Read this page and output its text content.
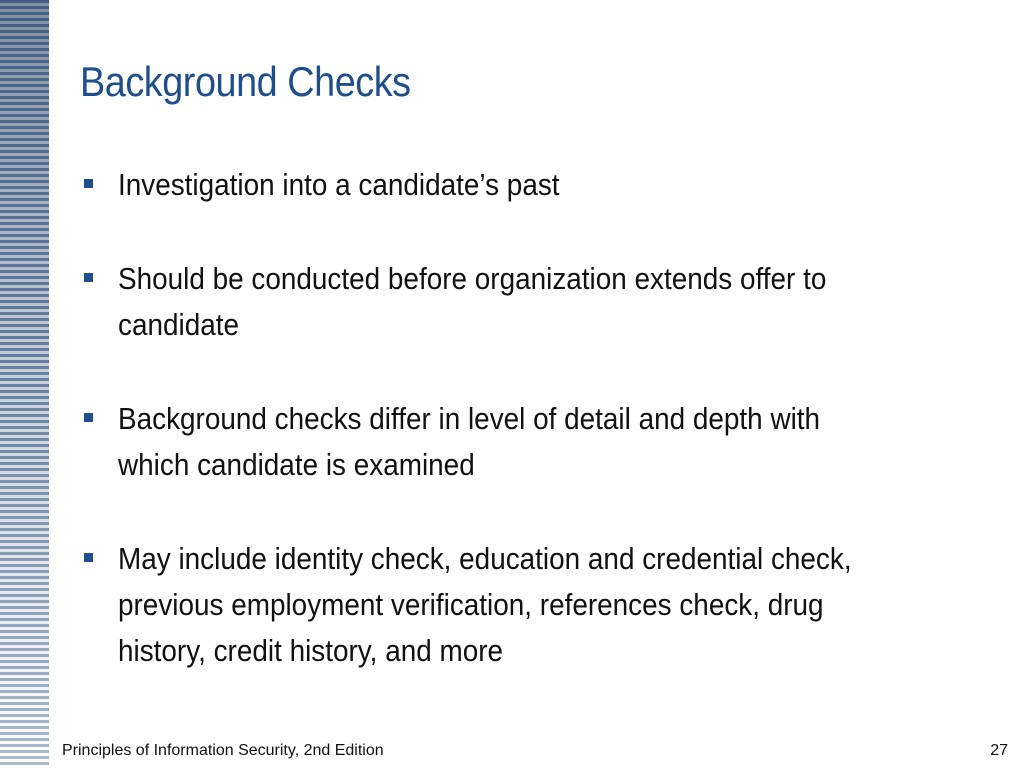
Background Checks
Investigation into a candidate’s past
Should be conducted before organization extends offer to candidate
Background checks differ in level of detail and depth with which candidate is examined
May include identity check, education and credential check, previous employment verification, references check, drug history, credit history, and more
Principles of Information Security, 2nd Edition	27
